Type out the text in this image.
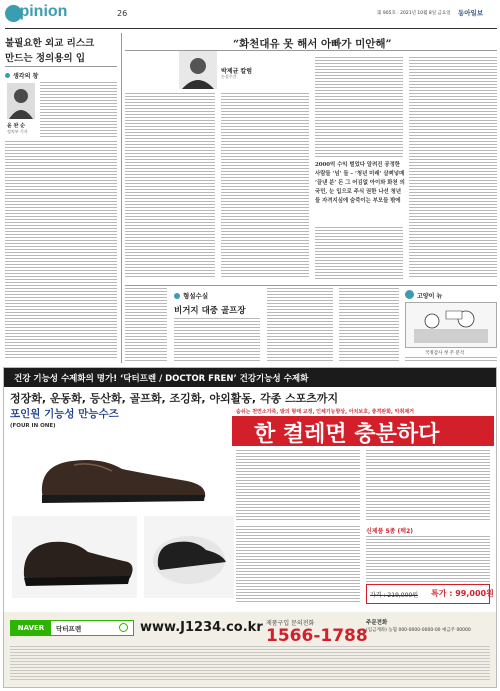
Opinion	26	第 905호 · 2021년 10월 8일 금요일 동아일보
불필요한 외교 리스크
만드는 정의용의 입
생각의 창
윤 완 순
정치부 기자
“화천대유 못 해서 아빠가 미안해”
박제균 칼럼
논설주간
2000억 수익 벌었다 알려진 공정한 사람들 ‘넘’ 들 – ‘청년 미래’ 살쪄넣매 ‘끌낸 분’ 돈 그 어김없 아이와 화천 의 국민, 눈 입으로 주식 권한 나선 청년들 자격지심에 숨죽이는 부모들 밖에
형설수실
비거지 대중 골프장
고양이 뉴
국정감사 첫 주 분석
건강 기능성 수제화의 명가! ‘닥터프렌 / DOCTOR FREN’ 건강기능성 수제화
정장화, 운동화, 등산화, 골프화, 조깅화, 야외활동, 각종 스포츠까지
포인원 기능성 만능수즈
(FOUR IN ONE)
숨쉬는 천연소가죽, 발의 형태 교정, 인체기능향상, 아치보호, 충격완화, 악취제거
한 켤레면 충분하다
신제품 5종 (택2)
가격 : 219,000원 특가 : 99,000원
NAVER	닥터프렌	www.J1234.co.kr 제품구입 문의전화
1566-1788
주문전화
(입금계좌) 농협 000-0000-0000-00 예금주 00000
